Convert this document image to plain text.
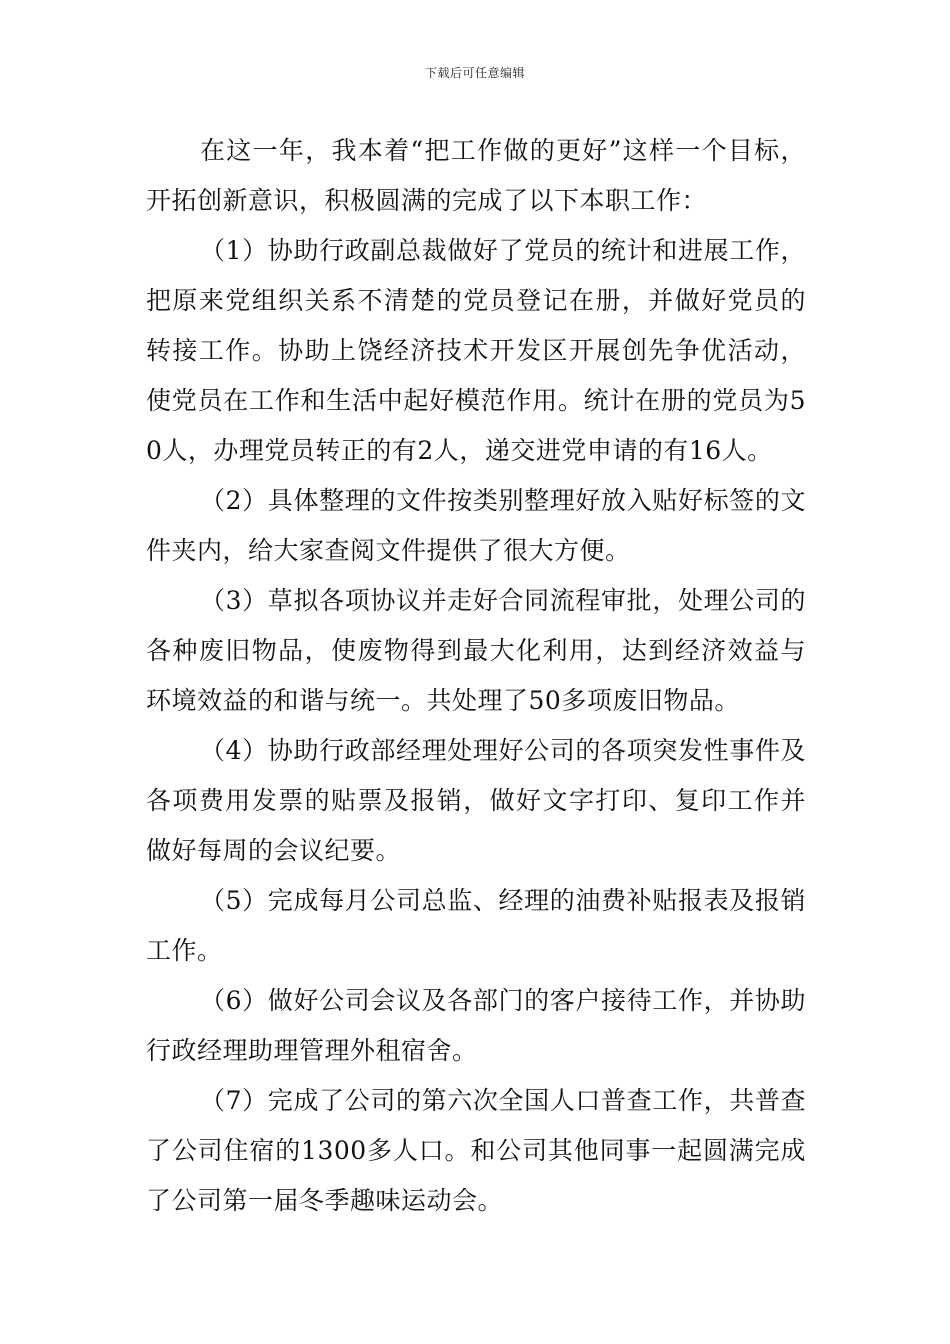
下载后可任意编辑

在这一年，我本着“把工作做的更好”这样一个目标，开拓创新意识，积极圆满的完成了以下本职工作：

（1）协助行政副总裁做好了党员的统计和进展工作，把原来党组织关系不清楚的党员登记在册，并做好党员的转接工作。协助上饶经济技术开发区开展创先争优活动，使党员在工作和生活中起好模范作用。统计在册的党员为50人，办理党员转正的有2人，递交进党申请的有16人。

（2）具体整理的文件按类别整理好放入贴好标签的文件夹内，给大家查阅文件提供了很大方便。

（3）草拟各项协议并走好合同流程审批，处理公司的各种废旧物品，使废物得到最大化利用，达到经济效益与环境效益的和谐与统一。共处理了50多项废旧物品。

（4）协助行政部经理处理好公司的各项突发性事件及各项费用发票的贴票及报销，做好文字打印、复印工作并做好每周的会议纪要。

（5）完成每月公司总监、经理的油费补贴报表及报销工作。

（6）做好公司会议及各部门的客户接待工作，并协助行政经理助理管理外租宿舍。

（7）完成了公司的第六次全国人口普查工作，共普查了公司住宿的1300多人口。和公司其他同事一起圆满完成了公司第一届冬季趣味运动会。
